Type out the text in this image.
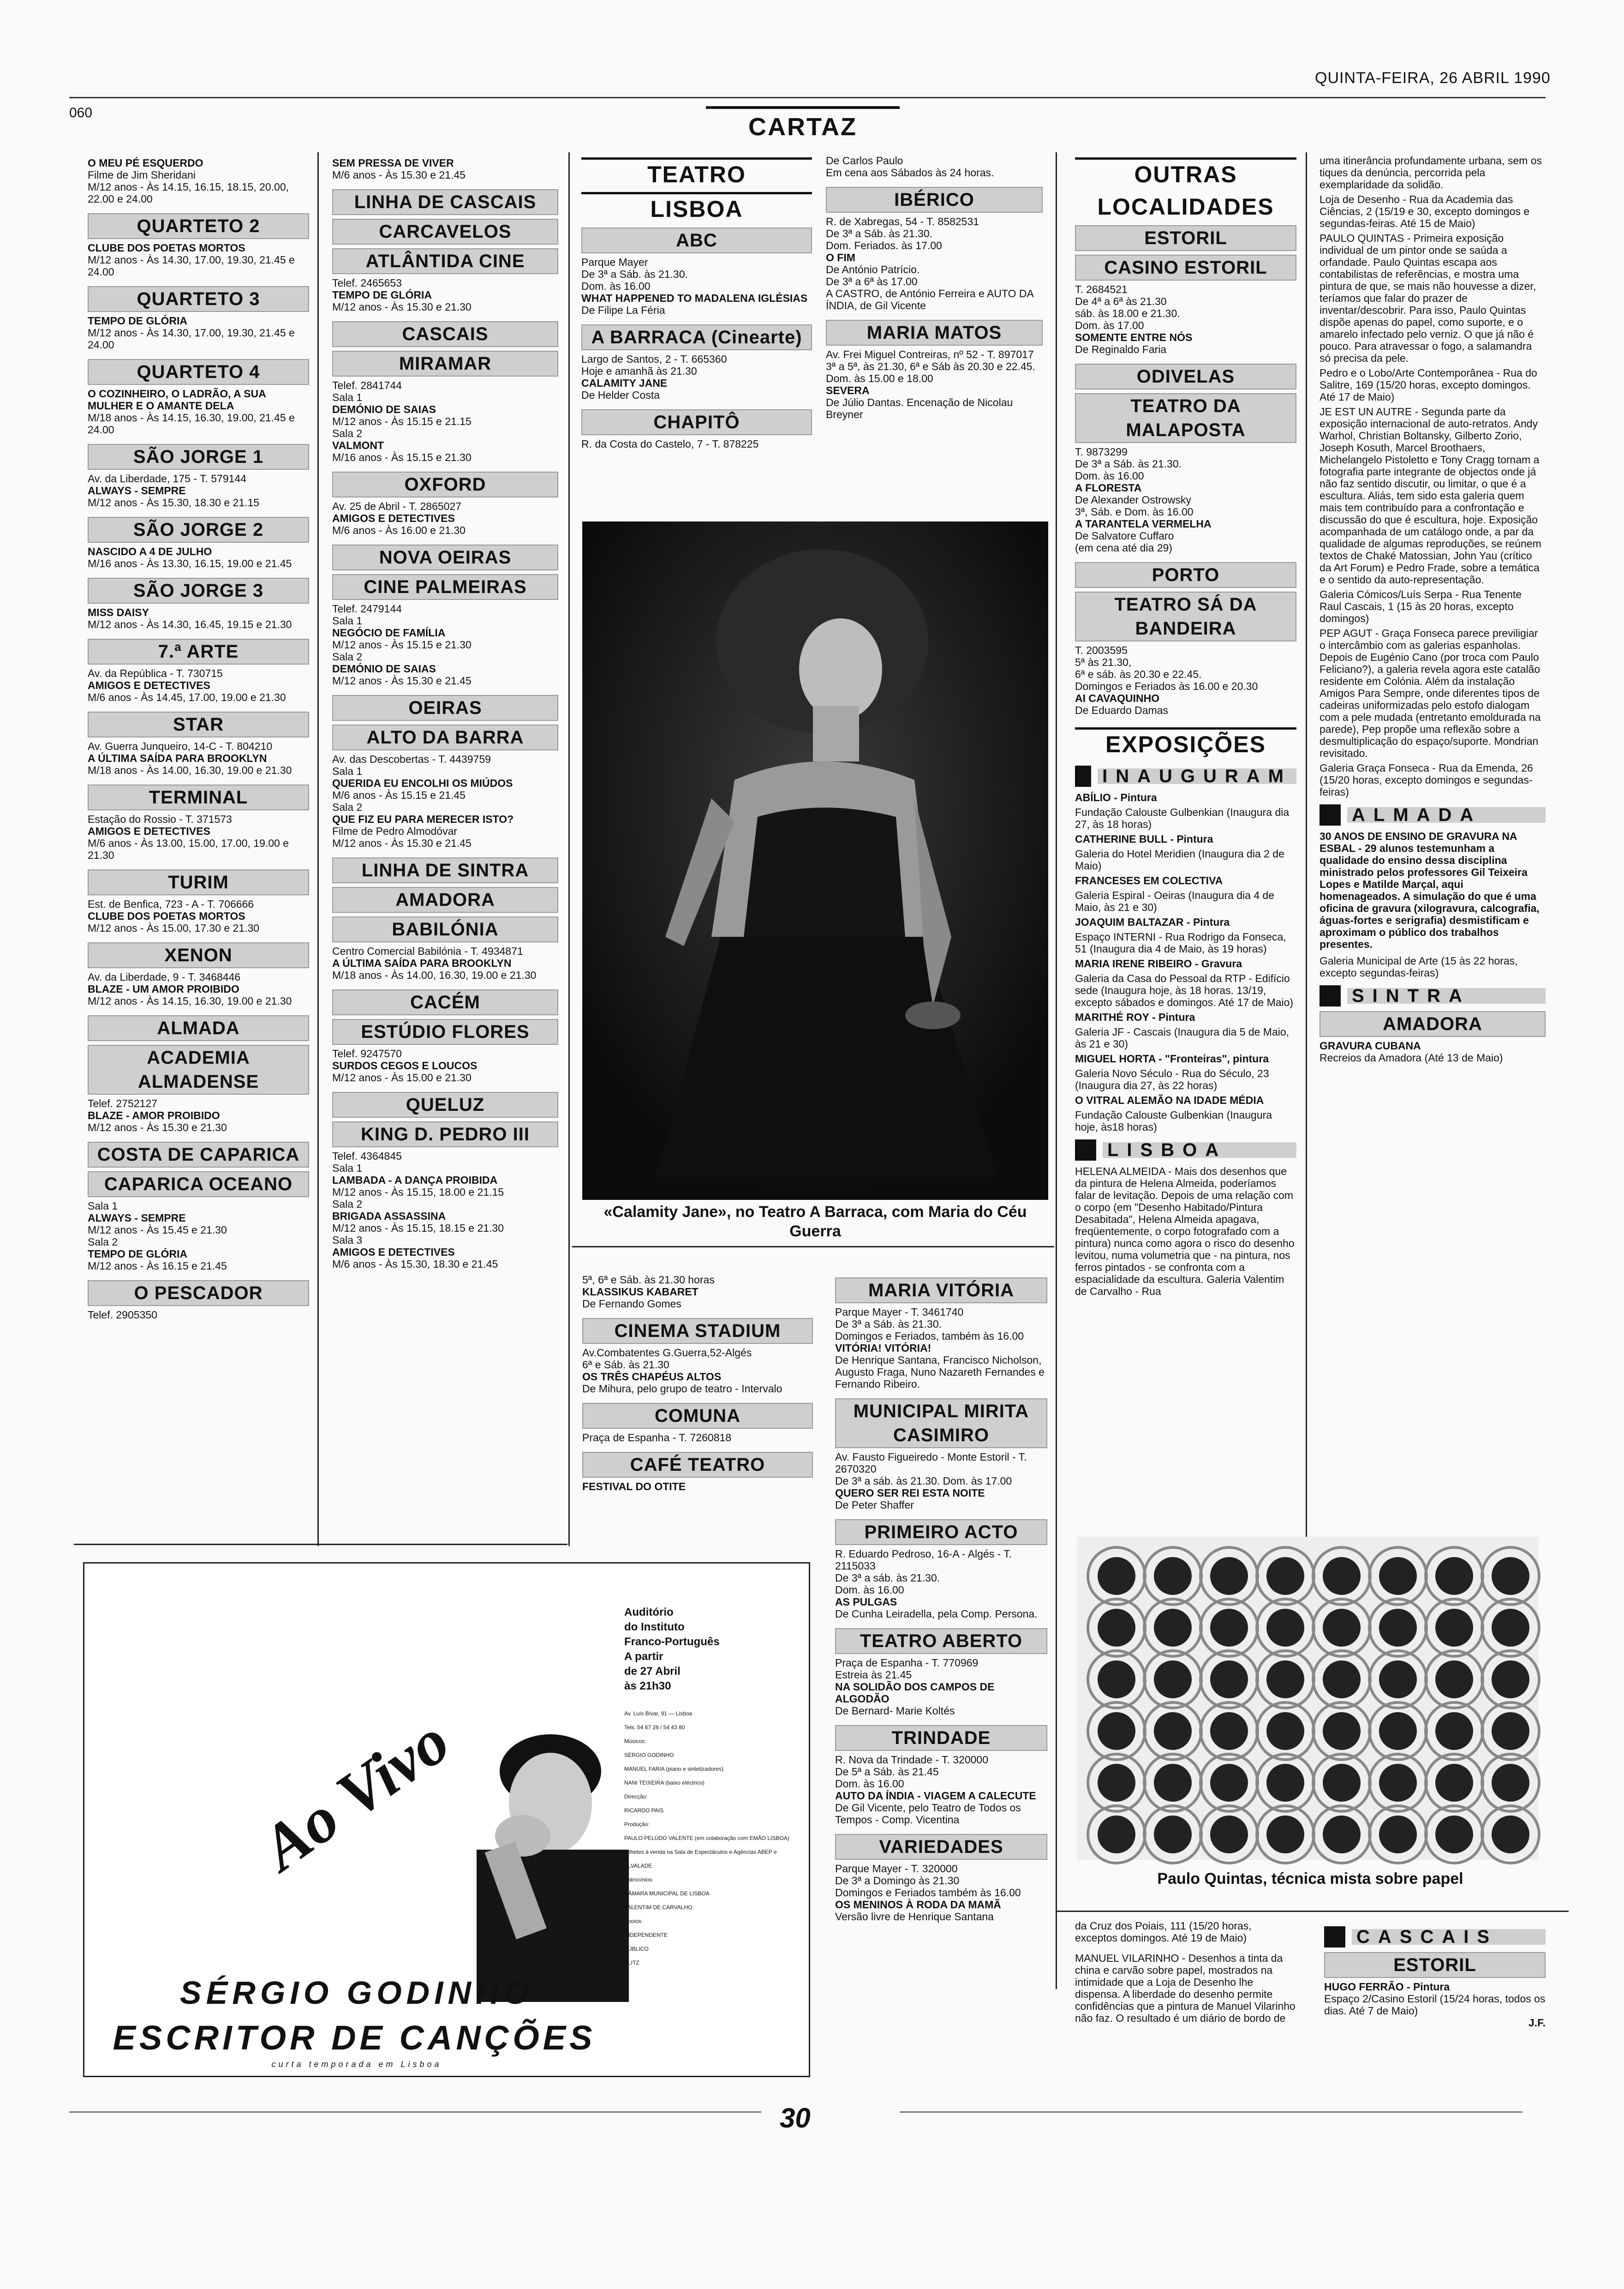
QUINTA-FEIRA, 26 ABRIL 1990
060
CARTAZ

O MEU PÉ ESQUERDO
Filme de Jim Sheridani
M/12 anos - Às 14.15, 16.15, 18.15, 20.00, 22.00 e 24.00

QUARTETO 2

CLUBE DOS POETAS MORTOS
M/12 anos - Às 14.30, 17.00, 19.30, 21.45 e 24.00

QUARTETO 3

TEMPO DE GLÓRIA
M/12 anos - Às 14.30, 17.00, 19.30, 21.45 e 24.00

QUARTETO 4

O COZINHEIRO, O LADRÃO, A SUA MULHER E O AMANTE DELA
M/18 anos - Às 14.15, 16.30, 19.00, 21.45 e 24.00

SÃO JORGE 1

Av. da Liberdade, 175 - T. 579144
ALWAYS - SEMPRE
M/12 anos - Às 15.30, 18.30 e 21.15

SÃO JORGE 2

NASCIDO A 4 DE JULHO
M/16 anos - Às 13.30, 16.15, 19.00 e 21.45

SÃO JORGE 3

MISS DAISY
M/12 anos - Às 14.30, 16.45, 19.15 e 21.30

7.ª ARTE

Av. da República - T. 730715
AMIGOS E DETECTIVES
M/6 anos - Às 14.45, 17.00, 19.00 e 21.30

STAR

Av. Guerra Junqueiro, 14-C - T. 804210
A ÚLTIMA SAÍDA PARA BROOKLYN
M/18 anos - Às 14.00, 16.30, 19.00 e 21.30

TERMINAL

Estação do Rossio - T. 371573
AMIGOS E DETECTIVES
M/6 anos - Às 13.00, 15.00, 17.00, 19.00 e 21.30

TURIM

Est. de Benfica, 723 - A - T. 706666
CLUBE DOS POETAS MORTOS
M/12 anos - Às 15.00, 17.30 e 21.30

XENON

Av. da Liberdade, 9 - T. 3468446
BLAZE - UM AMOR PROIBIDO
M/12 anos - Às 14.15, 16.30, 19.00 e 21.30

ALMADA
ACADEMIA ALMADENSE

Telef. 2752127
BLAZE - AMOR PROIBIDO
M/12 anos - Às 15.30 e 21.30

COSTA DE CAPARICA
CAPARICA OCEANO

Sala 1
ALWAYS - SEMPRE
M/12 anos - Às 15.45 e 21.30
Sala 2
TEMPO DE GLÓRIA
M/12 anos - Às 16.15 e 21.45

O PESCADOR

Telef. 2905350

SEM PRESSA DE VIVER
M/6 anos - Às 15.30 e 21.45

LINHA DE CASCAIS
CARCAVELOS
ATLÂNTIDA CINE

Telef. 2465653
TEMPO DE GLÓRIA
M/12 anos - Às 15.30 e 21.30

CASCAIS
MIRAMAR

Telef. 2841744
Sala 1
DEMÓNIO DE SAIAS
M/12 anos - Às 15.15 e 21.15
Sala 2
VALMONT
M/16 anos - Às 15.15 e 21.30

OXFORD

Av. 25 de Abril - T. 2865027
AMIGOS E DETECTIVES
M/6 anos - Às 16.00 e 21.30

NOVA OEIRAS
CINE PALMEIRAS

Telef. 2479144
Sala 1
NEGÓCIO DE FAMÍLIA
M/12 anos - Às 15.15 e 21.30
Sala 2
DEMÓNIO DE SAIAS
M/12 anos - Às 15.30 e 21.45

OEIRAS
ALTO DA BARRA

Av. das Descobertas - T. 4439759
Sala 1
QUERIDA EU ENCOLHI OS MIÚDOS
M/6 anos - Às 15.15 e 21.45
Sala 2
QUE FIZ EU PARA MERECER ISTO?
Filme de Pedro Almodóvar
M/12 anos - Às 15.30 e 21.45

LINHA DE SINTRA
AMADORA
BABILÓNIA

Centro Comercial Babilónia - T. 4934871
A ÚLTIMA SAÍDA PARA BROOKLYN
M/18 anos - Às 14.00, 16.30, 19.00 e 21.30

CACÉM
ESTÚDIO FLORES

Telef. 9247570
SURDOS CEGOS E LOUCOS
M/12 anos - Às 15.00 e 21.30

QUELUZ
KING D. PEDRO III

Telef. 4364845
Sala 1
LAMBADA - A DANÇA PROIBIDA
M/12 anos - Às 15.15, 18.00 e 21.15
Sala 2
BRIGADA ASSASSINA
M/12 anos - Às 15.15, 18.15 e 21.30
Sala 3
AMIGOS E DETECTIVES
M/6 anos - Às 15.30, 18.30 e 21.45

TEATRO
LISBOA
ABC

Parque Mayer
De 3ª a Sáb. às 21.30.
Dom. às 16.00
WHAT HAPPENED TO MADALENA IGLÉSIAS
De Filipe La Féria

A BARRACA (Cinearte)

Largo de Santos, 2 - T. 665360
Hoje e amanhã às 21.30
CALAMITY JANE
De Helder Costa

CHAPITÔ

R. da Costa do Castelo, 7 - T. 878225

De Carlos Paulo
Em cena aos Sábados às 24 horas.

IBÉRICO

R. de Xabregas, 54 - T. 8582531
De 3ª a Sáb. às 21.30.
Dom. Feriados. às 17.00
O FIM
De António Patrício.
De 3ª a 6ª às 17.00
A CASTRO, de António Ferreira e AUTO DA ÍNDIA, de Gil Vicente

MARIA MATOS

Av. Frei Miguel Contreiras, nº 52 - T. 897017
3ª a 5ª, às 21.30, 6ª e Sáb às 20.30 e 22.45.
Dom. às 15.00 e 18.00
SEVERA
De Júlio Dantas. Encenação de Nicolau Breyner

«Calamity Jane», no Teatro A Barraca, com Maria do Céu Guerra

5ª, 6ª e Sáb. às 21.30 horas
KLASSIKUS KABARET
De Fernando Gomes

CINEMA STADIUM

Av.Combatentes G.Guerra,52-Algés
6ª e Sáb. às 21.30
OS TRÊS CHAPÉUS ALTOS
De Mihura, pelo grupo de teatro - Intervalo

COMUNA

Praça de Espanha - T. 7260818

CAFÉ TEATRO

FESTIVAL DO OTITE

MARIA VITÓRIA

Parque Mayer - T. 3461740
De 3ª a Sáb. às 21.30.
Domingos e Feriados, também às 16.00
VITÓRIA! VITÓRIA!
De Henrique Santana, Francisco Nicholson, Augusto Fraga, Nuno Nazareth Fernandes e Fernando Ribeiro.

MUNICIPAL MIRITA CASIMIRO

Av. Fausto Figueiredo - Monte Estoril - T. 2670320
De 3ª a sáb. às 21.30. Dom. às 17.00
QUERO SER REI ESTA NOITE
De Peter Shaffer

PRIMEIRO ACTO

R. Eduardo Pedroso, 16-A - Algés - T. 2115033
De 3ª a sáb. às 21.30.
Dom. às 16.00
AS PULGAS
De Cunha Leiradella, pela Comp. Persona.

TEATRO ABERTO

Praça de Espanha - T. 770969
Estreia às 21.45
NA SOLIDÃO DOS CAMPOS DE ALGODÃO
De Bernard- Marie Koltés

TRINDADE

R. Nova da Trindade - T. 320000
De 5ª a Sáb. às 21.45
Dom. às 16.00
AUTO DA ÍNDIA - VIAGEM A CALECUTE
De Gil Vicente, pelo Teatro de Todos os Tempos - Comp. Vicentina

VARIEDADES

Parque Mayer - T. 320000
De 3ª a Domingo às 21.30
Domingos e Feriados também às 16.00
OS MENINOS À RODA DA MAMÃ
Versão livre de Henrique Santana

OUTRAS
LOCALIDADES
ESTORIL
CASINO ESTORIL

T. 2684521
De 4ª a 6ª às 21.30
sáb. às 18.00 e 21.30.
Dom. às 17.00
SOMENTE ENTRE NÓS
De Reginaldo Faria

ODIVELAS
TEATRO DA MALAPOSTA

T. 9873299
De 3ª a Sáb. às 21.30.
Dom. às 16.00
A FLORESTA
De Alexander Ostrowsky
3ª, Sáb. e Dom. às 16.00
A TARANTELA VERMELHA
De Salvatore Cuffaro
(em cena até dia 29)

PORTO
TEATRO SÁ DA BANDEIRA

T. 2003595
5ª às 21.30,
6ª e sáb. às 20.30 e 22.45.
Domingos e Feriados às 16.00 e 20.30
AI CAVAQUINHO
De Eduardo Damas

EXPOSIÇÕES
INAUGURAM

ABÍLIO - Pintura

Fundação Calouste Gulbenkian (Inaugura dia 27, às 18 horas)

CATHERINE BULL - Pintura

Galeria do Hotel Meridien (Inaugura dia 2 de Maio)

FRANCESES EM COLECTIVA

Galeria Espiral - Oeiras (Inaugura dia 4 de Maio, às 21 e 30)

JOAQUIM BALTAZAR - Pintura

Espaço INTERNI - Rua Rodrigo da Fonseca, 51 (Inaugura dia 4 de Maio, às 19 horas)

MARIA IRENE RIBEIRO - Gravura

Galeria da Casa do Pessoal da RTP - Edifício sede (Inaugura hoje, às 18 horas. 13/19, excepto sábados e domingos. Até 17 de Maio)

MARITHÉ ROY - Pintura

Galeria JF - Cascais (Inaugura dia 5 de Maio, às 21 e 30)

MIGUEL HORTA - "Fronteiras", pintura

Galeria Novo Século - Rua do Século, 23 (Inaugura dia 27, às 22 horas)

O VITRAL ALEMÃO NA IDADE MÉDIA

Fundação Calouste Gulbenkian (Inaugura hoje, às18 horas)

LISBOA

HELENA ALMEIDA - Mais dos desenhos que da pintura de Helena Almeida, poderíamos falar de levitação. Depois de uma relação com o corpo (em "Desenho Habitado/Pintura Desabitada", Helena Almeida apagava, freqüentemente, o corpo fotografado com a pintura) nunca como agora o risco do desenho levitou, numa volumetria que - na pintura, nos ferros pintados - se confronta com a espacialidade da escultura. Galeria Valentim de Carvalho - Rua

uma itinerância profundamente urbana, sem os tiques da denúncia, percorrida pela exemplaridade da solidão.

Loja de Desenho - Rua da Academia das Ciências, 2 (15/19 e 30, excepto domingos e segundas-feiras. Até 15 de Maio)

PAULO QUINTAS - Primeira exposição individual de um pintor onde se saúda a orfandade. Paulo Quintas escapa aos contabilistas de referências, e mostra uma pintura de que, se mais não houvesse a dizer, teríamos que falar do prazer de inventar/descobrir. Para isso, Paulo Quintas dispõe apenas do papel, como suporte, e o amarelo infectado pelo verniz. O que já não é pouco. Para atravessar o fogo, a salamandra só precisa da pele.

Pedro e o Lobo/Arte Contemporânea - Rua do Salitre, 169 (15/20 horas, excepto domingos. Até 17 de Maio)

JE EST UN AUTRE - Segunda parte da exposição internacional de auto-retratos. Andy Warhol, Christian Boltansky, Gilberto Zorio, Joseph Kosuth, Marcel Broothaers, Michelangelo Pistoletto e Tony Cragg tornam a fotografia parte integrante de objectos onde já não faz sentido discutir, ou limitar, o que é a escultura. Aliás, tem sido esta galeria quem mais tem contribuído para a confrontação e discussão do que é escultura, hoje. Exposição acompanhada de um catálogo onde, a par da qualidade de algumas reproduções, se reúnem textos de Chaké Matossian, John Yau (crítico da Art Forum) e Pedro Frade, sobre a temática e o sentido da auto-representação.

Galeria Cómicos/Luís Serpa - Rua Tenente Raul Cascais, 1 (15 às 20 horas, excepto domingos)

PEP AGUT - Graça Fonseca parece previligiar o intercâmbio com as galerias espanholas. Depois de Eugénio Cano (por troca com Paulo Feliciano?), a galeria revela agora este catalão residente em Colónia. Além da instalação Amigos Para Sempre, onde diferentes tipos de cadeiras uniformizadas pelo estofo dialogam com a pele mudada (entretanto emoldurada na parede), Pep propõe uma reflexão sobre a desmultiplicação do espaço/suporte. Mondrian revisitado.

Galeria Graça Fonseca - Rua da Emenda, 26 (15/20 horas, excepto domingos e segundas-feiras)

ALMADA

30 ANOS DE ENSINO DE GRAVURA NA ESBAL - 29 alunos testemunham a qualidade do ensino dessa disciplina ministrado pelos professores Gil Teixeira Lopes e Matilde Marçal, aqui homenageados. A simulação do que é uma oficina de gravura (xilogravura, calcografia, águas-fortes e serigrafia) desmistificam e aproximam o público dos trabalhos presentes.

Galeria Municipal de Arte (15 às 22 horas, excepto segundas-feiras)

SINTRA
AMADORA

GRAVURA CUBANA

Recreios da Amadora (Até 13 de Maio)

Paulo Quintas, técnica mista sobre papel

da Cruz dos Poiais, 111 (15/20 horas, exceptos domingos. Até 19 de Maio)

MANUEL VILARINHO - Desenhos a tinta da china e carvão sobre papel, mostrados na intimidade que a Loja de Desenho lhe dispensa. A liberdade do desenho permite confidências que a pintura de Manuel Vilarinho não faz. O resultado é um diário de bordo de

CASCAIS
ESTORIL

HUGO FERRÃO - Pintura

Espaço 2/Casino Estoril (15/24 horas, todos os dias. Até 7 de Maio)

J.F.

Ao Vivo
SÉRGIO GODINHO
ESCRITOR DE CANÇÕES
curta temporada em Lisboa
Auditório
do Instituto
Franco-Português
A partir
de 27 Abril
às 21h30
Av. Luís Bívar, 91 — Lisboa
Tels. 54 67 28 / 54 43 80
Músicos:
SÉRGIO GODINHO
MANUEL FARIA (piano e sintetizadores)
NANI TEIXEIRA (baixo eléctrico)
Direcção:
RICARDO PAIS
Produção:
PAULO PELÚDO VALENTE (em colaboração com EMÃO LISBOA)
Bilhetes à venda na Sala de Espectáculos e Agências ABEP e ALVALADE
Patrocínios:
CÂMARA MUNICIPAL DE LISBOA
VALENTIM DE CARVALHO
Apoios:
INDEPENDENTE
PÚBLICO
BLITZ
30
